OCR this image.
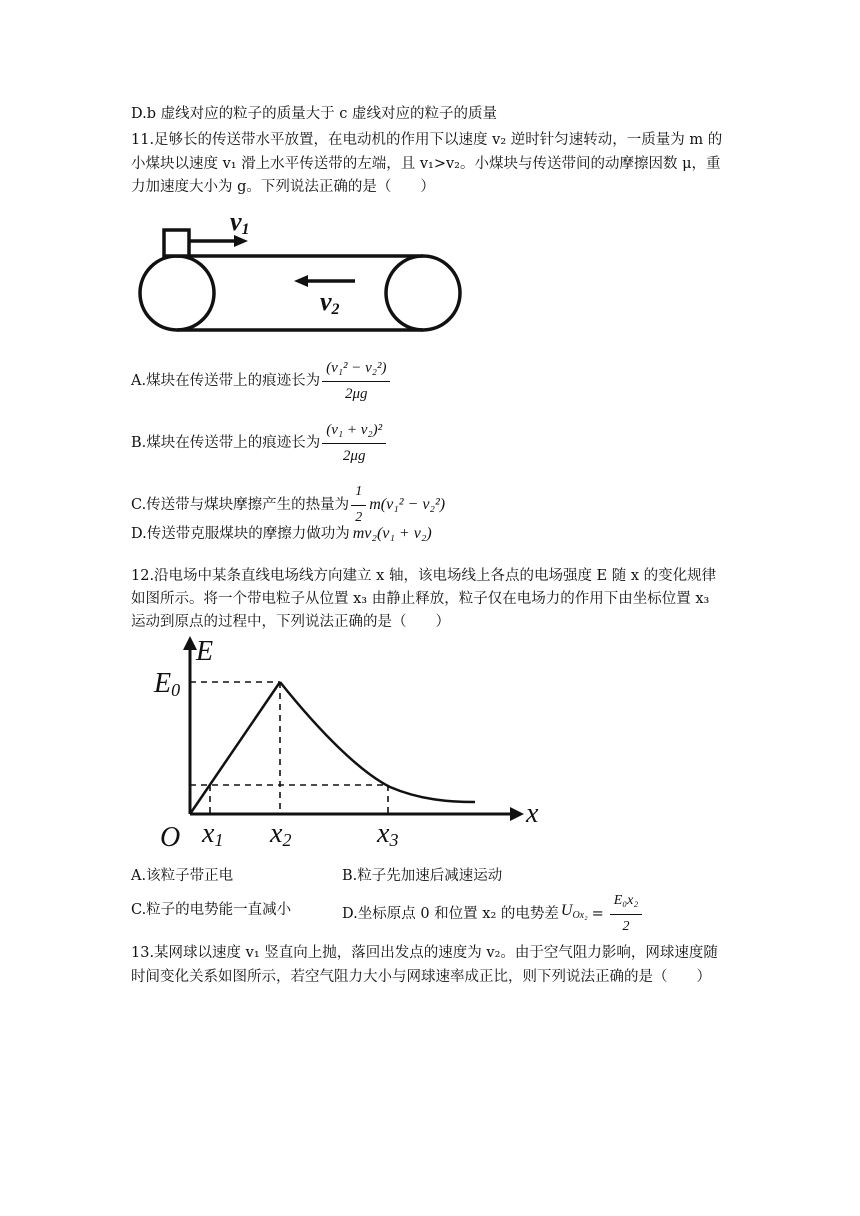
D.b 虚线对应的粒子的质量大于 c 虚线对应的粒子的质量
11.足够长的传送带水平放置，在电动机的作用下以速度 v₂ 逆时针匀速转动，一质量为 m 的
小煤块以速度 v₁ 滑上水平传送带的左端，且 v₁>v₂。小煤块与传送带间的动摩擦因数 μ，重
力加速度大小为 g。下列说法正确的是（　　）
v1
v2
A.煤块在传送带上的痕迹长为 $\frac{\text{(v₁² − v₂²)}}{2\mu g}$
B.煤块在传送带上的痕迹长为 $\frac{\text{(v₁ + v₂)²}}{2\mu g}$
C.传送带与煤块摩擦产生的热量为 $\frac{1}{2} m(v_1^2 - v_2^2)$
D.传送带克服煤块的摩擦力做功为 mv₂(v₁ + v₂)
12.沿电场中某条直线电场线方向建立 x 轴，该电场线上各点的电场强度 E 随 x 的变化规律
如图所示。将一个带电粒子从位置 x₃ 由静止释放，粒子仅在电场力的作用下由坐标位置 x₃
运动到原点的过程中，下列说法正确的是（　　）
E
x
E0
O x1 x2	x3
A.该粒子带正电	B.粒子先加速后减速运动
C.粒子的电势能一直减小	D.坐标原点 0 和位置 x₂ 的电势差 $U_{Ox_2} = \frac{\text{E₀x₂}}{2}$
13.某网球以速度 v₁ 竖直向上抛，落回出发点的速度为 v₂。由于空气阻力影响，网球速度随
时间变化关系如图所示，若空气阻力大小与网球速率成正比，则下列说法正确的是（　　）
